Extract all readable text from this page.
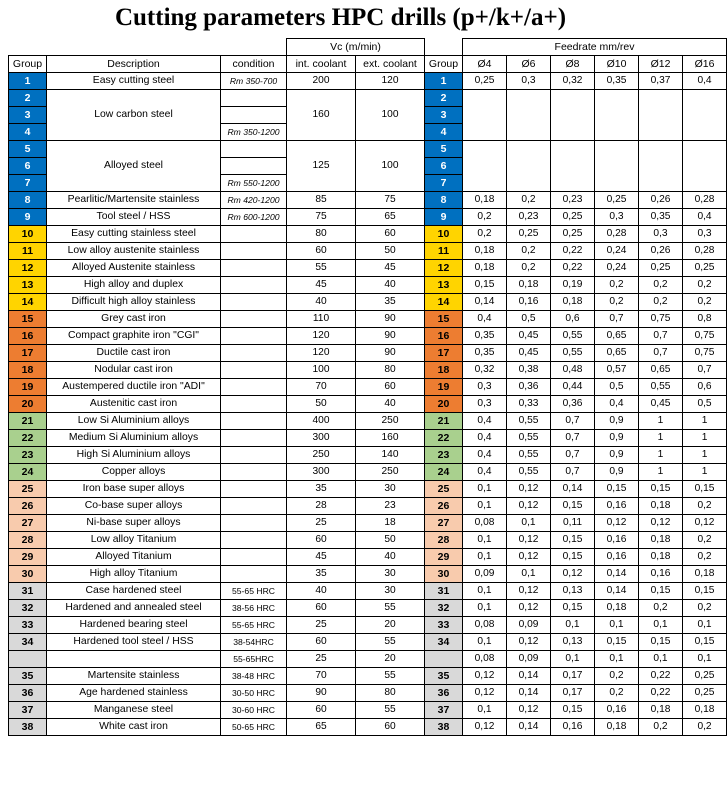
Cutting parameters HPC drills (p+/k+/a+)
			Vc (m/min)			Feedrate mm/rev					
Group	Description	condition	int. coolant	ext. coolant	Group	Ø4	Ø6	Ø8	Ø10	Ø12	Ø16
1	Easy cutting steel	Rm 350-700	200	120	1	0,25	0,3	0,32	0,35	0,37	0,4
2	Low carbon steel		160	100	2						
3					3						
4		Rm 350-1200			4						
5	Alloyed steel		125	100	5						
6					6						
7		Rm 550-1200			7						
8	Pearlitic/Martensite stainless	Rm 420-1200	85	75	8	0,18	0,2	0,23	0,25	0,26	0,28
9	Tool steel / HSS	Rm 600-1200	75	65	9	0,2	0,23	0,25	0,3	0,35	0,4
10	Easy cutting stainless steel		80	60	10	0,2	0,25	0,25	0,28	0,3	0,3
11	Low alloy austenite stainless		60	50	11	0,18	0,2	0,22	0,24	0,26	0,28
12	Alloyed Austenite stainless		55	45	12	0,18	0,2	0,22	0,24	0,25	0,25
13	High alloy and duplex		45	40	13	0,15	0,18	0,19	0,2	0,2	0,2
14	Difficult high alloy stainless		40	35	14	0,14	0,16	0,18	0,2	0,2	0,2
15	Grey cast iron		110	90	15	0,4	0,5	0,6	0,7	0,75	0,8
16	Compact graphite iron "CGI"		120	90	16	0,35	0,45	0,55	0,65	0,7	0,75
17	Ductile cast iron		120	90	17	0,35	0,45	0,55	0,65	0,7	0,75
18	Nodular cast iron		100	80	18	0,32	0,38	0,48	0,57	0,65	0,7
19	Austempered ductile iron "ADI"		70	60	19	0,3	0,36	0,44	0,5	0,55	0,6
20	Austenitic cast iron		50	40	20	0,3	0,33	0,36	0,4	0,45	0,5
21	Low Si Aluminium alloys		400	250	21	0,4	0,55	0,7	0,9	1	1
22	Medium Si Aluminium alloys		300	160	22	0,4	0,55	0,7	0,9	1	1
23	High Si Aluminium alloys		250	140	23	0,4	0,55	0,7	0,9	1	1
24	Copper alloys		300	250	24	0,4	0,55	0,7	0,9	1	1
25	Iron base super alloys		35	30	25	0,1	0,12	0,14	0,15	0,15	0,15
26	Co-base super alloys		28	23	26	0,1	0,12	0,15	0,16	0,18	0,2
27	Ni-base super alloys		25	18	27	0,08	0,1	0,11	0,12	0,12	0,12
28	Low alloy Titanium		60	50	28	0,1	0,12	0,15	0,16	0,18	0,2
29	Alloyed Titanium		45	40	29	0,1	0,12	0,15	0,16	0,18	0,2
30	High alloy Titanium		35	30	30	0,09	0,1	0,12	0,14	0,16	0,18
31	Case hardened steel	55-65 HRC	40	30	31	0,1	0,12	0,13	0,14	0,15	0,15
32	Hardened and annealed steel	38-56 HRC	60	55	32	0,1	0,12	0,15	0,18	0,2	0,2
33	Hardened bearing steel	55-65 HRC	25	20	33	0,08	0,09	0,1	0,1	0,1	0,1
34	Hardened tool steel / HSS	38-54HRC	60	55	34	0,1	0,12	0,13	0,15	0,15	0,15
		55-65HRC	25	20		0,08	0,09	0,1	0,1	0,1	0,1
35	Martensite stainless	38-48 HRC	70	55	35	0,12	0,14	0,17	0,2	0,22	0,25
36	Age hardened stainless	30-50 HRC	90	80	36	0,12	0,14	0,17	0,2	0,22	0,25
37	Manganese steel	30-60 HRC	60	55	37	0,1	0,12	0,15	0,16	0,18	0,18
38	White cast iron	50-65 HRC	65	60	38	0,12	0,14	0,16	0,18	0,2	0,2
